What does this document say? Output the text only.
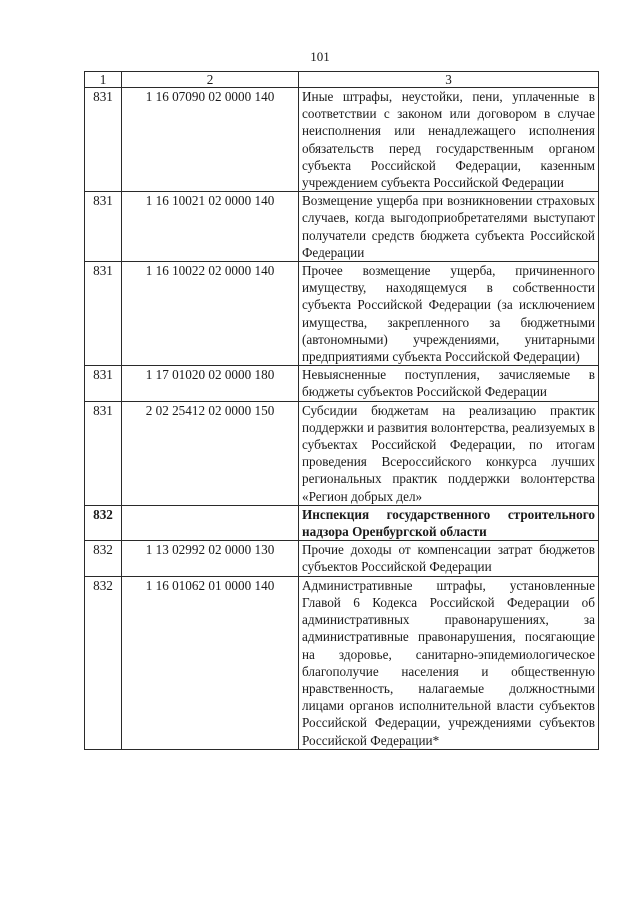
101
1	2	3
831	1 16 07090 02 0000 140	Иные штрафы, неустойки, пени, уплаченные в соответствии с законом или договором в случае неисполнения или ненадлежащего исполнения обязательств перед государственным органом субъекта Российской Федерации, казенным учреждением субъекта Российской Федерации
831	1 16 10021 02 0000 140	Возмещение ущерба при возникновении страховых случаев, когда выгодоприобретателями выступают получатели средств бюджета субъекта Российской Федерации
831	1 16 10022 02 0000 140	Прочее возмещение ущерба, причиненного имуществу, находящемуся в собственности субъекта Российской Федерации (за исключением имущества, закрепленного за бюджетными (автономными) учреждениями, унитарными предприятиями субъекта Российской Федерации)
831	1 17 01020 02 0000 180	Невыясненные поступления, зачисляемые в бюджеты субъектов Российской Федерации
831	2 02 25412 02 0000 150	Субсидии бюджетам на реализацию практик поддержки и развития волонтерства, реализуемых в субъектах Российской Федерации, по итогам проведения Всероссийского конкурса лучших региональных практик поддержки волонтерства «Регион добрых дел»
832		Инспекция государственного строительного надзора Оренбургской области
832	1 13 02992 02 0000 130	Прочие доходы от компенсации затрат бюджетов субъектов Российской Федерации
832	1 16 01062 01 0000 140	Административные штрафы, установленные Главой 6 Кодекса Российской Федерации об административных правонарушениях, за административные правонарушения, посягающие на здоровье, санитарно-эпидемиологическое благополучие населения и общественную нравственность, налагаемые должностными лицами органов исполнительной власти субъектов Российской Федерации, учреждениями субъектов Российской Федерации*
